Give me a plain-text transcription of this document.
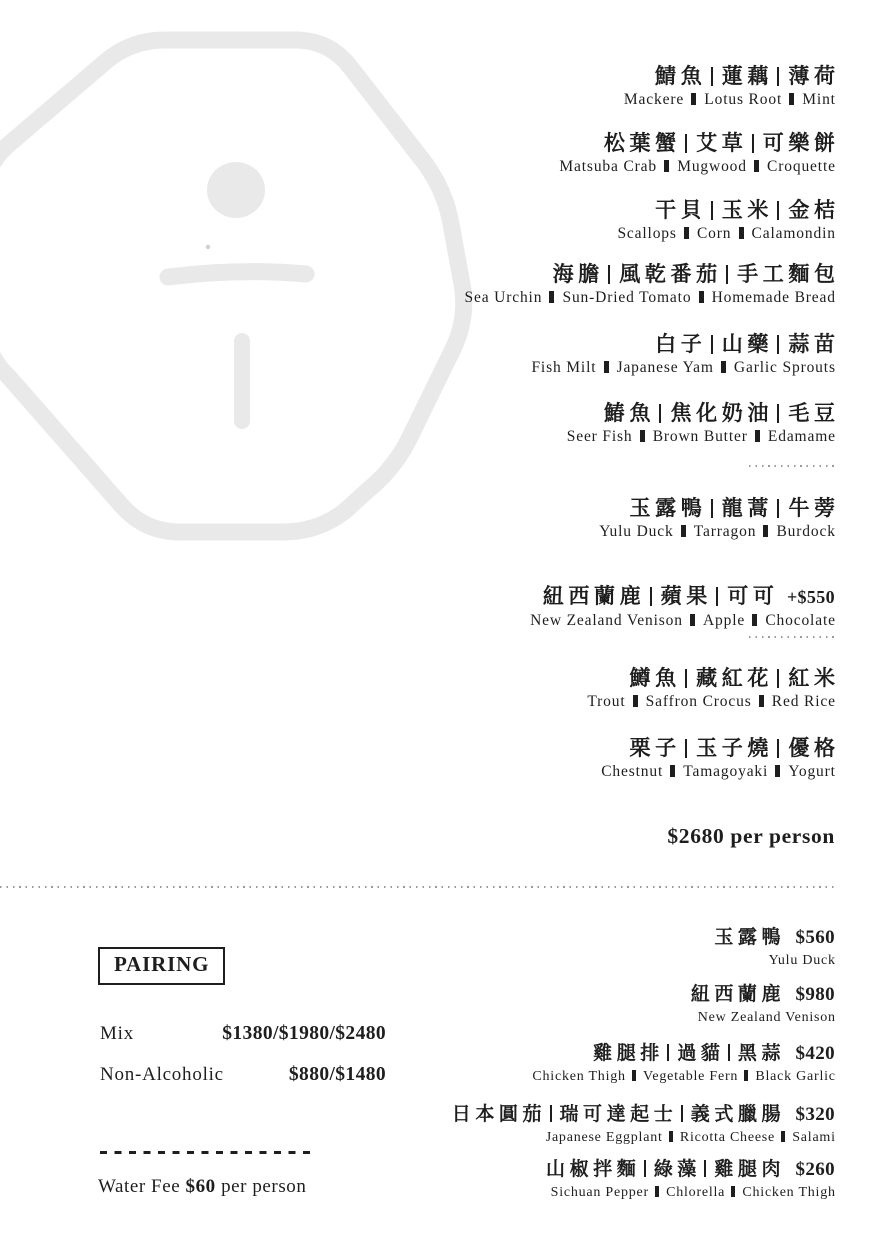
$2680 per person
鯖魚 蓮藕 薄荷
Mackere Lotus Root Mint
松葉蟹 艾草 可樂餅
Matsuba Crab Mugwood Croquette
干貝 玉米 金桔
Scallops Corn Calamondin
海膽 風乾番茄 手工麵包
Sea Urchin Sun-Dried Tomato Homemade Bread
白子 山藥 蒜苗
Fish Milt Japanese Yam Garlic Sprouts
鰆魚 焦化奶油 毛豆
Seer Fish Brown Butter Edamame
玉露鴨 龍蒿 牛蒡
Yulu Duck Tarragon Burdock
紐西蘭鹿 蘋果 可可 +$550
New Zealand Venison Apple Chocolate
鱒魚 藏紅花 紅米
Trout Saffron Crocus Red Rice
栗子 玉子燒 優格
Chestnut Tamagoyaki Yogurt
玉露鴨 $560
Yulu Duck
紐西蘭鹿 $980
New Zealand Venison
雞腿排 過貓 黑蒜 $420
Chicken Thigh Vegetable Fern Black Garlic
日本圓茄 瑞可達起士 義式臘腸 $320
Japanese Eggplant Ricotta Cheese Salami
山椒拌麵 綠藻 雞腿肉 $260
Sichuan Pepper Chlorella Chicken Thigh
PAIRING
Mix	$1380/$1980/$2480
Non-Alcoholic	$880/$1480
Water Fee $60 per person
